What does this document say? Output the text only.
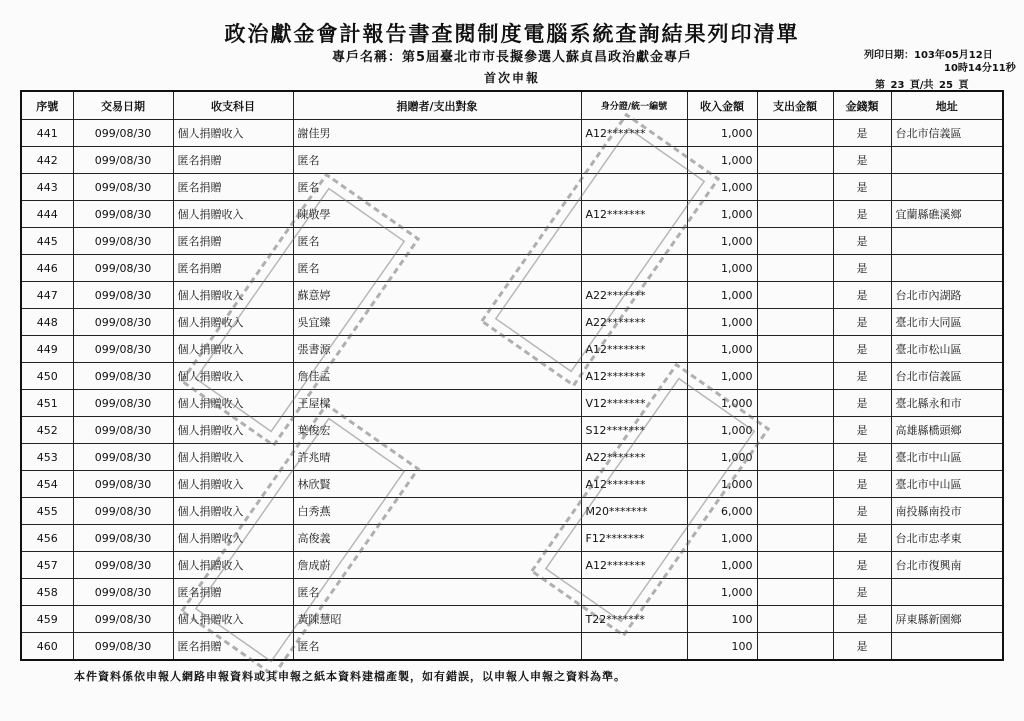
政治獻金會計報告書查閱制度電腦系統查詢結果列印清單
專戶名稱：第5屆臺北市市長擬參選人蘇貞昌政治獻金專戶
首次申報
列印日期：103年05月12日
10時14分11秒
第 23 頁/共 25 頁
序號	交易日期	收支科目	捐贈者/支出對象	身分證/統一編號	收入金額	支出金額	金錢類	地址
441	099/08/30	個人捐贈收入	謝佳男	A12*******	1,000		是	台北市信義區
442	099/08/30	匿名捐贈	匿名		1,000		是	
443	099/08/30	匿名捐贈	匿名		1,000		是	
444	099/08/30	個人捐贈收入	陳敬學	A12*******	1,000		是	宜蘭縣礁溪鄉
445	099/08/30	匿名捐贈	匿名		1,000		是	
446	099/08/30	匿名捐贈	匿名		1,000		是	
447	099/08/30	個人捐贈收入	蘇意婷	A22*******	1,000		是	台北市內湖路
448	099/08/30	個人捐贈收入	吳宜臻	A22*******	1,000		是	臺北市大同區
449	099/08/30	個人捐贈收入	張書源	A12*******	1,000		是	臺北市松山區
450	099/08/30	個人捐贈收入	詹佳孟	A12*******	1,000		是	台北市信義區
451	099/08/30	個人捐贈收入	王屋樑	V12*******	1,000		是	臺北縣永和市
452	099/08/30	個人捐贈收入	葉俊宏	S12*******	1,000		是	高雄縣橋頭鄉
453	099/08/30	個人捐贈收入	許兆晴	A22*******	1,000		是	臺北市中山區
454	099/08/30	個人捐贈收入	林欣賢	A12*******	1,000		是	臺北市中山區
455	099/08/30	個人捐贈收入	白秀燕	M20*******	6,000		是	南投縣南投市
456	099/08/30	個人捐贈收入	高俊義	F12*******	1,000		是	台北市忠孝東
457	099/08/30	個人捐贈收入	詹成蔚	A12*******	1,000		是	台北市復興南
458	099/08/30	匿名捐贈	匿名		1,000		是	
459	099/08/30	個人捐贈收入	黃陳慧昭	T22*******	100		是	屏東縣新園鄉
460	099/08/30	匿名捐贈	匿名		100		是	
本件資料係依申報人網路申報資料或其申報之紙本資料建檔產製，如有錯誤，以申報人申報之資料為準。
